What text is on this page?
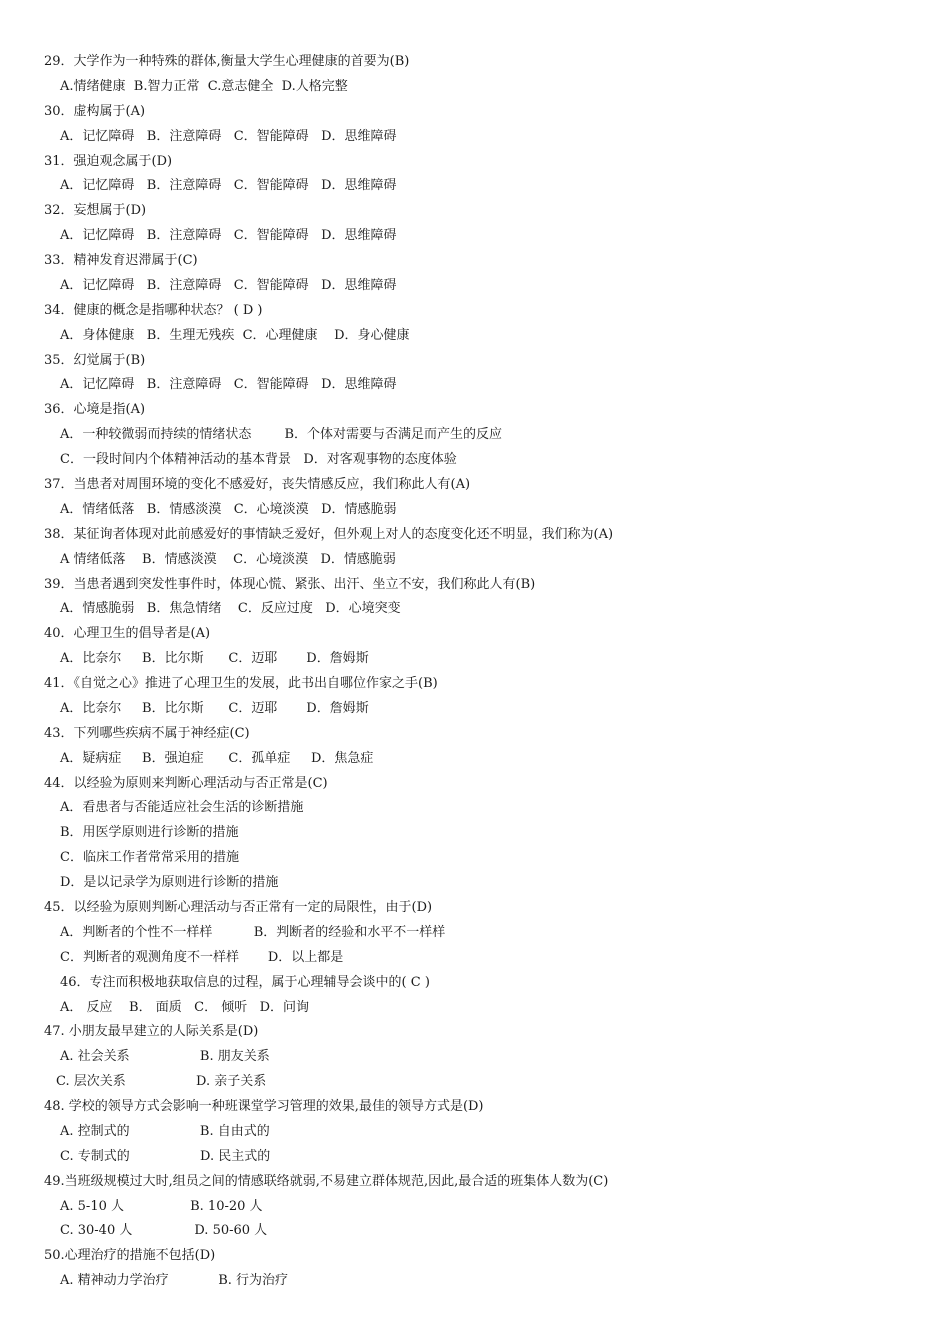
29．大学作为一种特殊的群体,衡量大学生心理健康的首要为(B)
A.情绪健康  B.智力正常  C.意志健全  D.人格完整
30．虚构属于(A)
A．记忆障碍   B．注意障碍   C．智能障碍   D．思维障碍
31．强迫观念属于(D)
A．记忆障碍   B．注意障碍   C．智能障碍   D．思维障碍
32．妄想属于(D)
A．记忆障碍   B．注意障碍   C．智能障碍   D．思维障碍
33．精神发育迟滞属于(C)
A．记忆障碍   B．注意障碍   C．智能障碍   D．思维障碍
34．健康的概念是指哪种状态？ ( D )
A．身体健康   B．生理无残疾  C．心理健康    D．身心健康
35．幻觉属于(B)
A．记忆障碍   B．注意障碍   C．智能障碍   D．思维障碍
36．心境是指(A)
A．一种较微弱而持续的情绪状态        B．个体对需要与否满足而产生的反应
C．一段时间内个体精神活动的基本背景   D．对客观事物的态度体验
37．当患者对周围环境的变化不感爱好，丧失情感反应，我们称此人有(A)
A．情绪低落   B．情感淡漠   C．心境淡漠   D．情感脆弱
38．某征询者体现对此前感爱好的事情缺乏爱好，但外观上对人的态度变化还不明显，我们称为(A)
A 情绪低落    B．情感淡漠    C．心境淡漠   D．情感脆弱
39．当患者遇到突发性事件时，体现心慌、紧张、出汗、坐立不安，我们称此人有(B)
A．情感脆弱   B．焦急情绪    C．反应过度   D．心境突变
40．心理卫生的倡导者是(A)
A．比奈尔     B．比尔斯      C．迈耶       D．詹姆斯
41．《自觉之心》推进了心理卫生的发展，此书出自哪位作家之手(B)
A．比奈尔     B．比尔斯      C．迈耶       D．詹姆斯
43．下列哪些疾病不属于神经症(C)
A．疑病症     B．强迫症      C．孤单症     D．焦急症
44．以经验为原则来判断心理活动与否正常是(C)
A．看患者与否能适应社会生活的诊断措施
B．用医学原则进行诊断的措施
C．临床工作者常常采用的措施
D．是以记录学为原则进行诊断的措施
45．以经验为原则判断心理活动与否正常有一定的局限性，由于(D)
A．判断者的个性不一样样          B．判断者的经验和水平不一样样
C．判断者的观测角度不一样样       D．以上都是
46．专注而积极地获取信息的过程，属于心理辅导会谈中的( C )
A． 反应    B． 面质   C． 倾听   D．问询
47. 小朋友最早建立的人际关系是(D)
A. 社会关系                 B. 朋友关系
C. 层次关系                 D. 亲子关系
48. 学校的领导方式会影响一种班课堂学习管理的效果,最佳的领导方式是(D)
A. 控制式的                 B. 自由式的
C. 专制式的                 D. 民主式的
49.当班级规模过大时,组员之间的情感联络就弱,不易建立群体规范,因此,最合适的班集体人数为(C)
A. 5-10 人                B. 10-20 人
C. 30-40 人               D. 50-60 人
50.心理治疗的措施不包括(D)
A. 精神动力学治疗            B. 行为治疗
